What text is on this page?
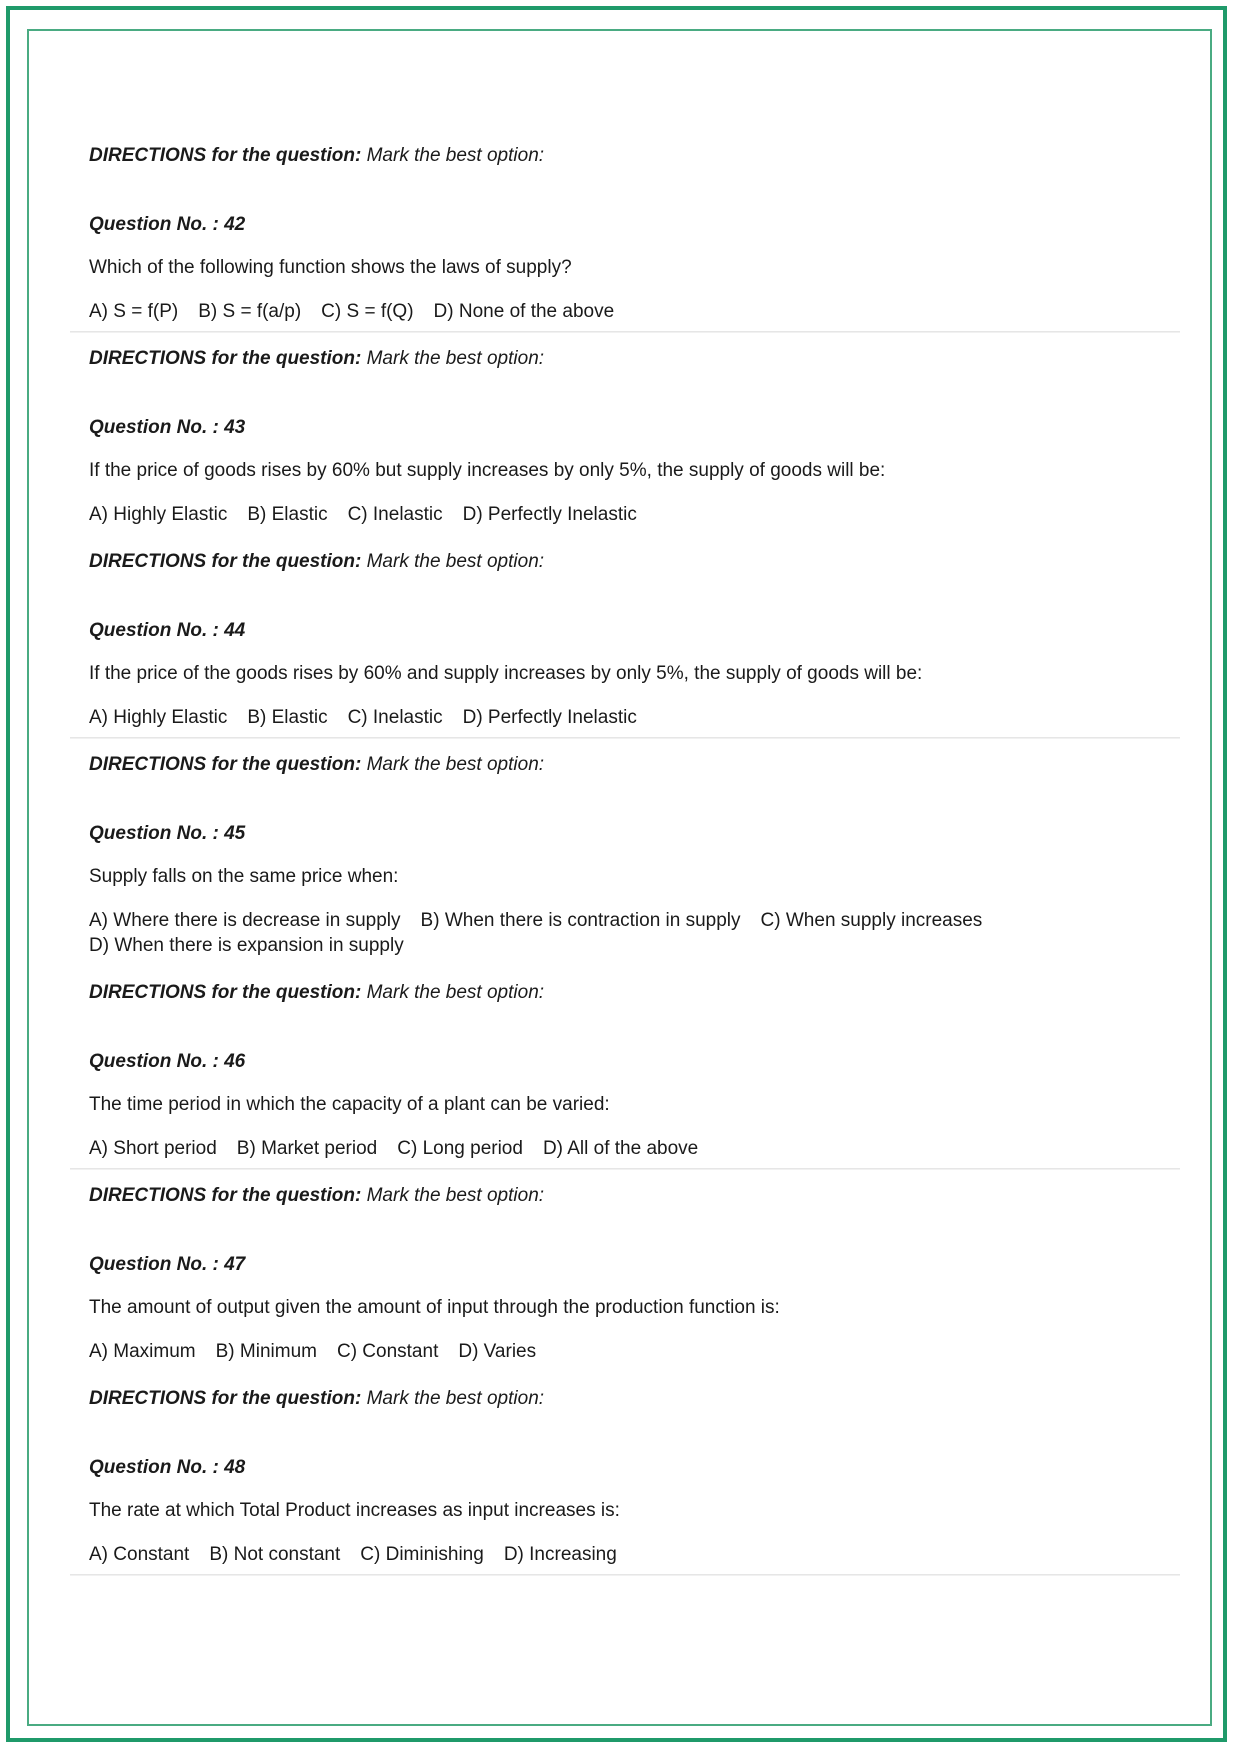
DIRECTIONS for the question: Mark the best option:
Question No. : 42
Which of the following function shows the laws of supply?
A) S = f(P) B) S = f(a/p) C) S = f(Q) D) None of the above
DIRECTIONS for the question: Mark the best option:
Question No. : 43
If the price of goods rises by 60% but supply increases by only 5%, the supply of goods will be:
A) Highly Elastic B) Elastic C) Inelastic D) Perfectly Inelastic
DIRECTIONS for the question: Mark the best option:
Question No. : 44
If the price of the goods rises by 60% and supply increases by only 5%, the supply of goods will be:
A) Highly Elastic B) Elastic C) Inelastic D) Perfectly Inelastic
DIRECTIONS for the question: Mark the best option:
Question No. : 45
Supply falls on the same price when:
A) Where there is decrease in supply B) When there is contraction in supply C) When supply increases
D) When there is expansion in supply
DIRECTIONS for the question: Mark the best option:
Question No. : 46
The time period in which the capacity of a plant can be varied:
A) Short period B) Market period C) Long period D) All of the above
DIRECTIONS for the question: Mark the best option:
Question No. : 47
The amount of output given the amount of input through the production function is:
A) Maximum B) Minimum C) Constant D) Varies
DIRECTIONS for the question: Mark the best option:
Question No. : 48
The rate at which Total Product increases as input increases is:
A) Constant B) Not constant C) Diminishing D) Increasing
